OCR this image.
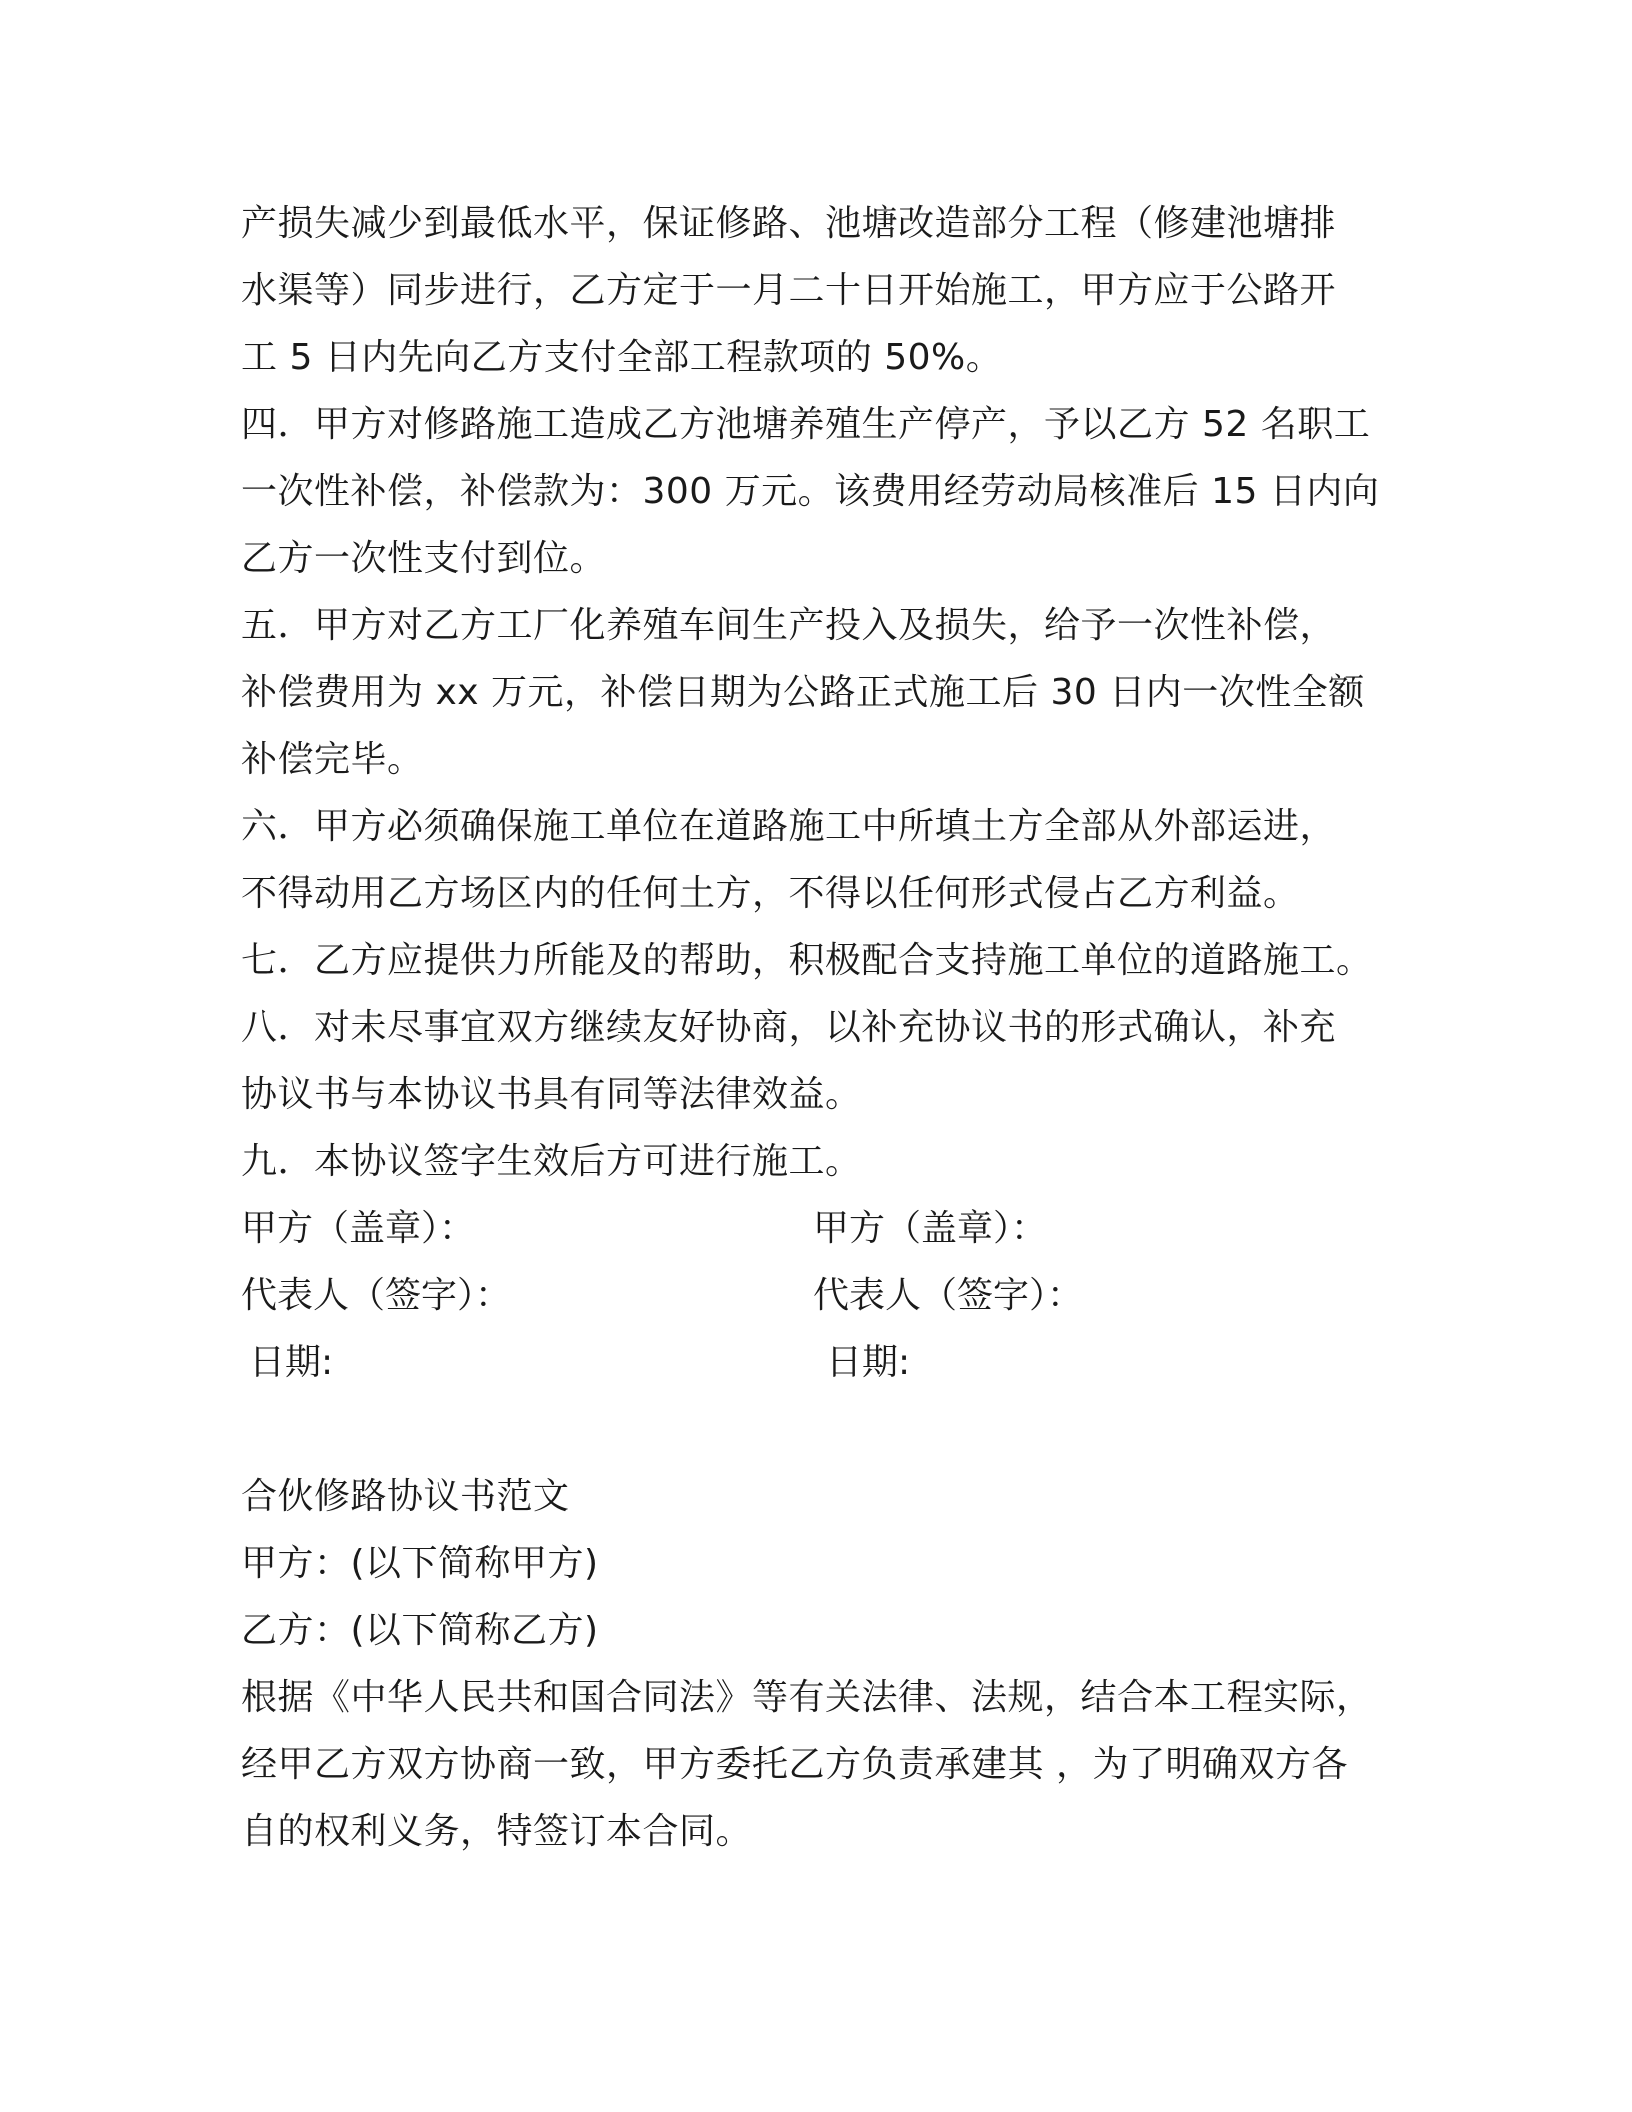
产损失减少到最低水平，保证修路、池塘改造部分工程（修建池塘排
水渠等）同步进行，乙方定于一月二十日开始施工，甲方应于公路开
工 5 日内先向乙方支付全部工程款项的 50%。
四．甲方对修路施工造成乙方池塘养殖生产停产，予以乙方 52 名职工
一次性补偿，补偿款为：300 万元。该费用经劳动局核准后 15 日内向
乙方一次性支付到位。
五．甲方对乙方工厂化养殖车间生产投入及损失，给予一次性补偿，
补偿费用为 xx 万元，补偿日期为公路正式施工后 30 日内一次性全额
补偿完毕。
六．甲方必须确保施工单位在道路施工中所填土方全部从外部运进，
不得动用乙方场区内的任何土方，不得以任何形式侵占乙方利益。
七．乙方应提供力所能及的帮助，积极配合支持施工单位的道路施工。
八．对未尽事宜双方继续友好协商，以补充协议书的形式确认，补充
协议书与本协议书具有同等法律效益。
九．本协议签字生效后方可进行施工。
甲方（盖章）：	甲方（盖章）：
代表人（签字）：	代表人（签字）：
日期:	日期:
合伙修路协议书范文
甲方：(以下简称甲方)
乙方：(以下简称乙方)
根据《中华人民共和国合同法》等有关法律、法规，结合本工程实际，
经甲乙方双方协商一致，甲方委托乙方负责承建其 ，为了明确双方各
自的权利义务，特签订本合同。
